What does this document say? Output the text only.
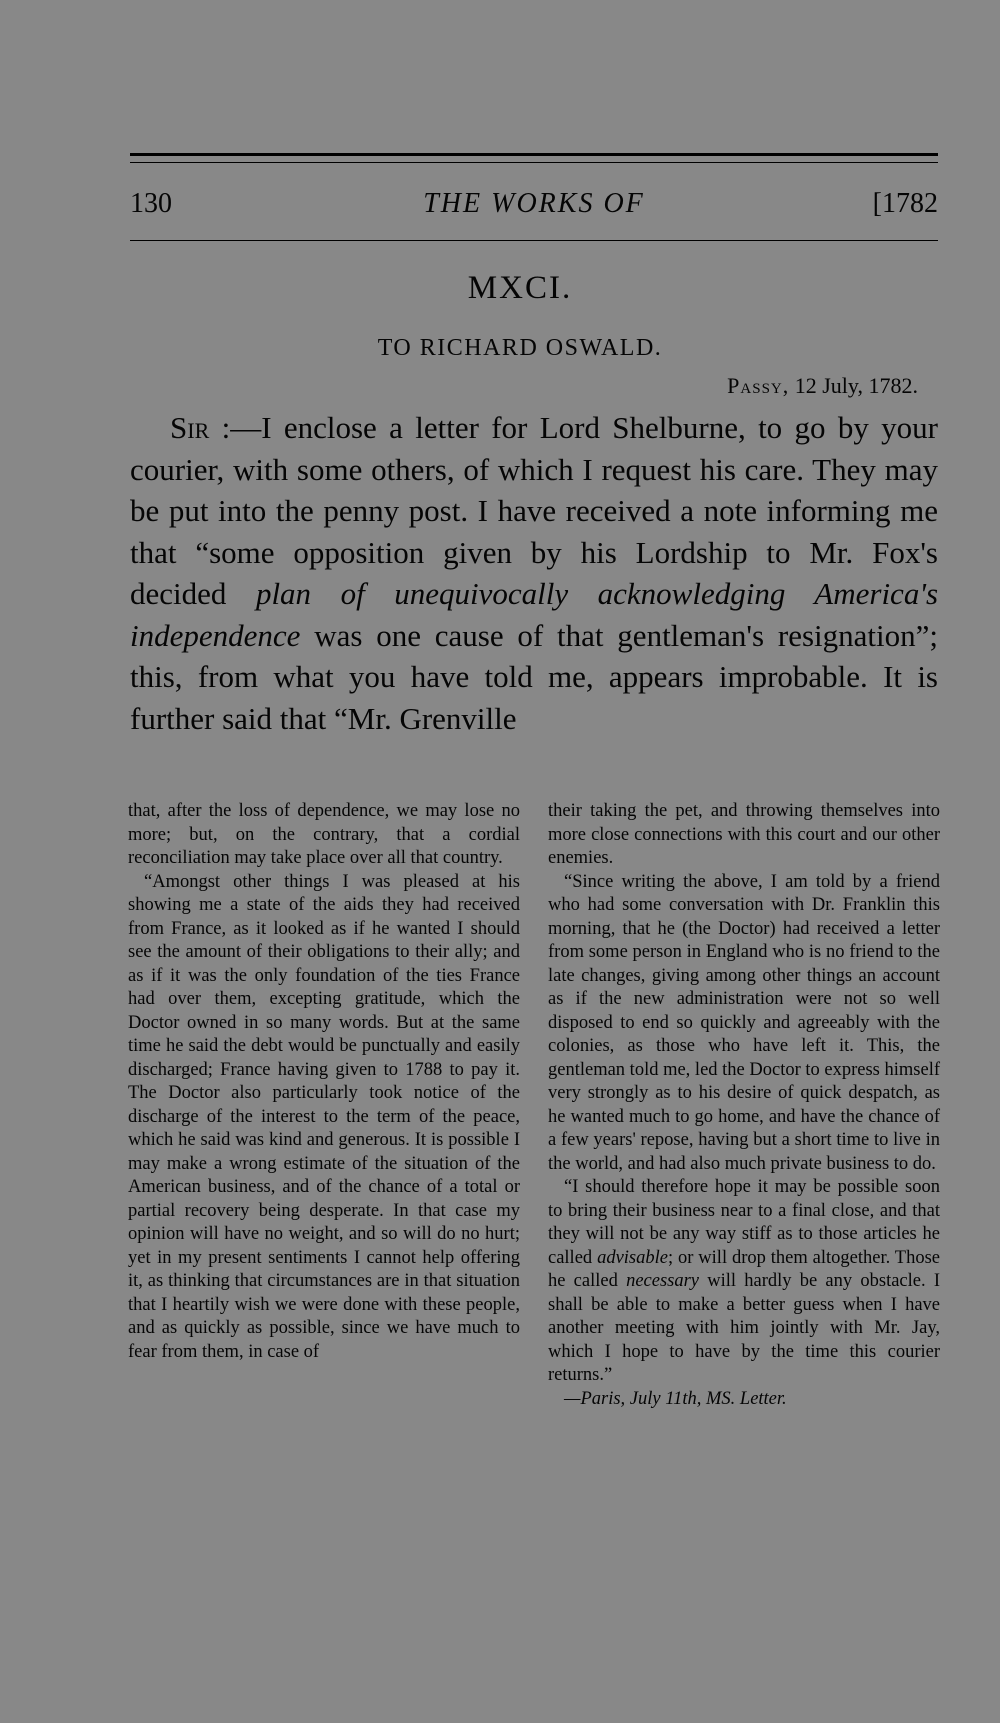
130	THE WORKS OF	[1782
MXCI.
TO RICHARD OSWALD.
Passy, 12 July, 1782.

Sir :—I enclose a letter for Lord Shelburne, to go by your courier, with some others, of which I request his care. They may be put into the penny post. I have received a note informing me that “some opposition given by his Lordship to Mr. Fox's decided plan of unequivocally acknowledging America's independence was one cause of that gentleman's resignation”; this, from what you have told me, appears improbable. It is further said that “Mr. Grenville

that, after the loss of dependence, we may lose no more; but, on the contrary, that a cordial reconciliation may take place over all that country.

“Amongst other things I was pleased at his showing me a state of the aids they had received from France, as it looked as if he wanted I should see the amount of their obligations to their ally; and as if it was the only foundation of the ties France had over them, excepting gratitude, which the Doctor owned in so many words. But at the same time he said the debt would be punctually and easily discharged; France having given to 1788 to pay it. The Doctor also particularly took notice of the discharge of the interest to the term of the peace, which he said was kind and generous. It is possible I may make a wrong estimate of the situation of the American business, and of the chance of a total or partial recovery being desperate. In that case my opinion will have no weight, and so will do no hurt; yet in my present sentiments I cannot help offering it, as thinking that circumstances are in that situation that I heartily wish we were done with these people, and as quickly as possible, since we have much to fear from them, in case of

their taking the pet, and throwing themselves into more close connections with this court and our other enemies.

“Since writing the above, I am told by a friend who had some conversation with Dr. Franklin this morning, that he (the Doctor) had received a letter from some person in England who is no friend to the late changes, giving among other things an account as if the new administration were not so well disposed to end so quickly and agreeably with the colonies, as those who have left it. This, the gentleman told me, led the Doctor to express himself very strongly as to his desire of quick despatch, as he wanted much to go home, and have the chance of a few years' repose, having but a short time to live in the world, and had also much private business to do.

“I should therefore hope it may be possible soon to bring their business near to a final close, and that they will not be any way stiff as to those articles he called advisable; or will drop them altogether. Those he called necessary will hardly be any obstacle. I shall be able to make a better guess when I have another meeting with him jointly with Mr. Jay, which I hope to have by the time this courier returns.”

—Paris, July 11th, MS. Letter.
